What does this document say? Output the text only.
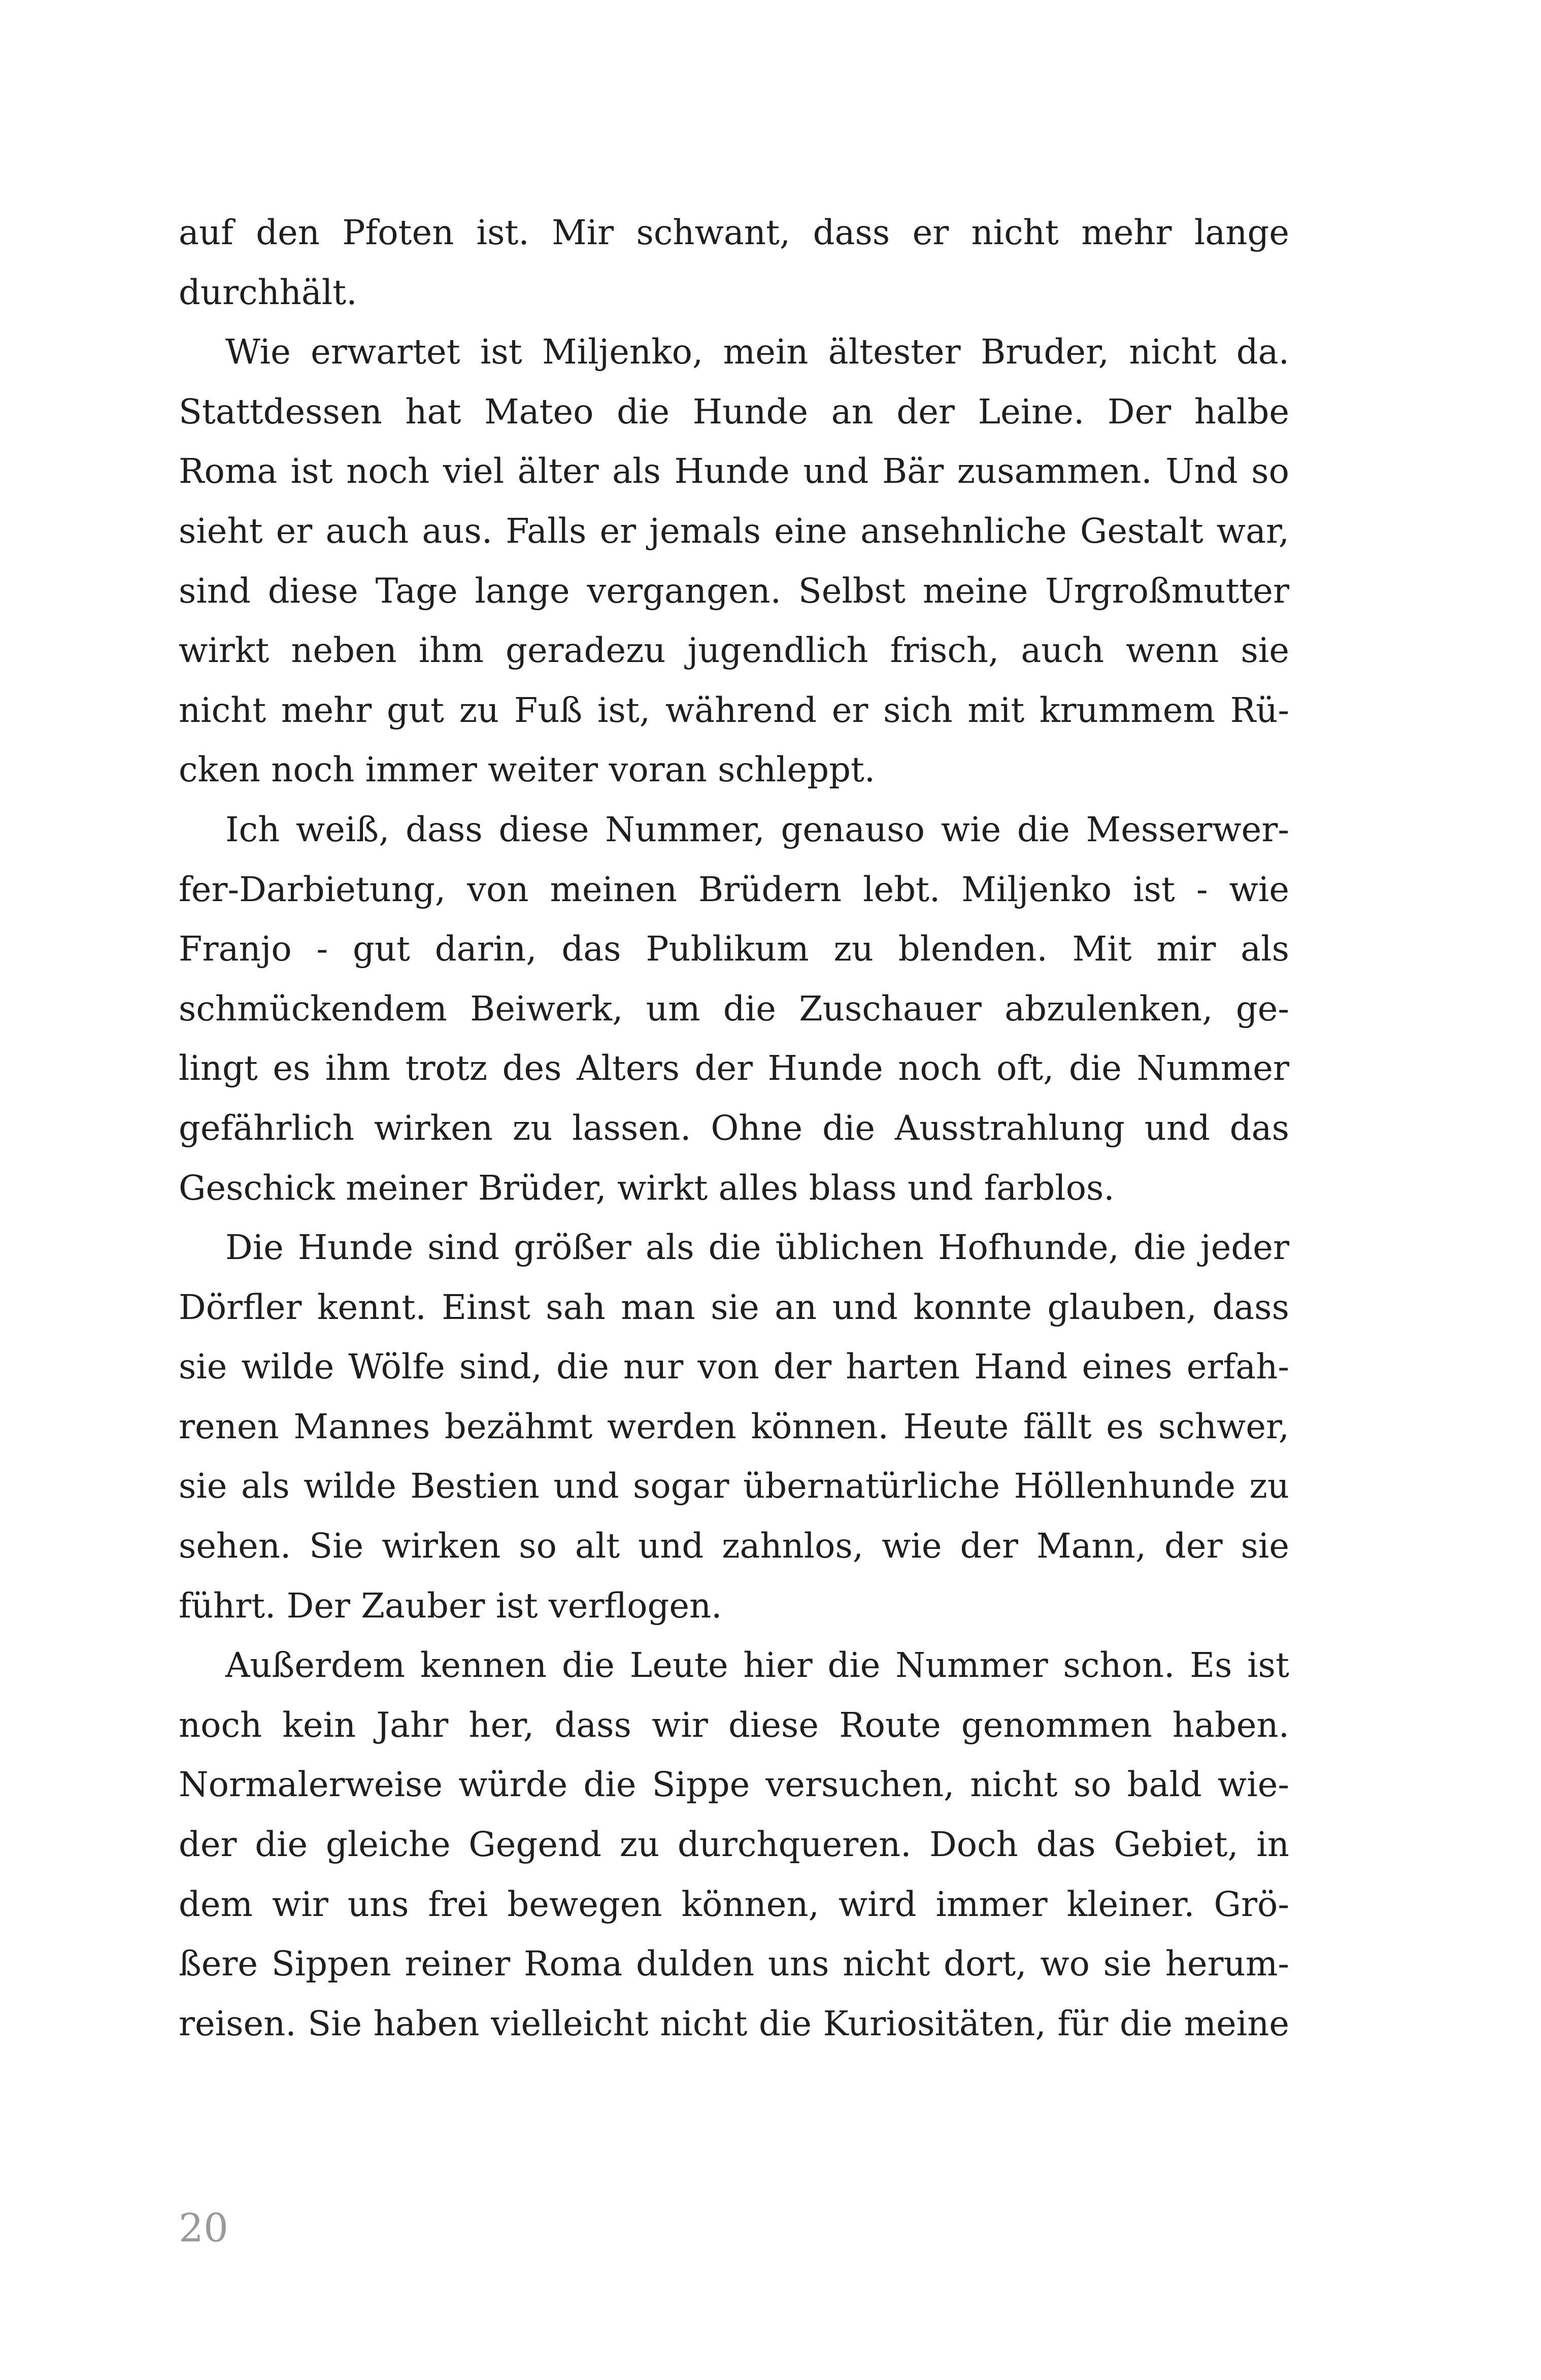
auf den Pfoten ist. Mir schwant, dass er nicht mehr lange
durchhält.
Wie erwartet ist Miljenko, mein ältester Bruder, nicht da.
Stattdessen hat Mateo die Hunde an der Leine. Der halbe
Roma ist noch viel älter als Hunde und Bär zusammen. Und so
sieht er auch aus. Falls er jemals eine ansehnliche Gestalt war,
sind diese Tage lange vergangen. Selbst meine Urgroßmutter
wirkt neben ihm geradezu jugendlich frisch, auch wenn sie
nicht mehr gut zu Fuß ist, während er sich mit krummem Rü-
cken noch immer weiter voran schleppt.
Ich weiß, dass diese Nummer, genauso wie die Messerwer-
fer-Darbietung, von meinen Brüdern lebt. Miljenko ist - wie
Franjo - gut darin, das Publikum zu blenden. Mit mir als
schmückendem Beiwerk, um die Zuschauer abzulenken, ge-
lingt es ihm trotz des Alters der Hunde noch oft, die Nummer
gefährlich wirken zu lassen. Ohne die Ausstrahlung und das
Geschick meiner Brüder, wirkt alles blass und farblos.
Die Hunde sind größer als die üblichen Hofhunde, die jeder
Dörfler kennt. Einst sah man sie an und konnte glauben, dass
sie wilde Wölfe sind, die nur von der harten Hand eines erfah-
renen Mannes bezähmt werden können. Heute fällt es schwer,
sie als wilde Bestien und sogar übernatürliche Höllenhunde zu
sehen. Sie wirken so alt und zahnlos, wie der Mann, der sie
führt. Der Zauber ist verflogen.
Außerdem kennen die Leute hier die Nummer schon. Es ist
noch kein Jahr her, dass wir diese Route genommen haben.
Normalerweise würde die Sippe versuchen, nicht so bald wie-
der die gleiche Gegend zu durchqueren. Doch das Gebiet, in
dem wir uns frei bewegen können, wird immer kleiner. Grö-
ßere Sippen reiner Roma dulden uns nicht dort, wo sie herum-
reisen. Sie haben vielleicht nicht die Kuriositäten, für die meine
20
